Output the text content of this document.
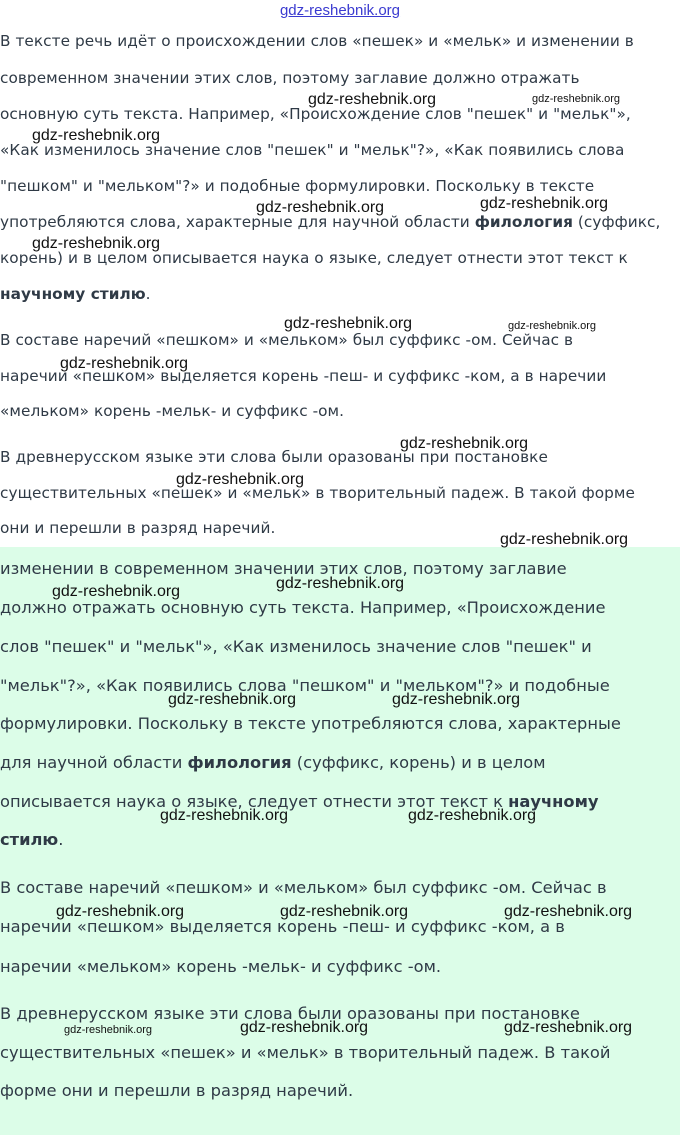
gdz-reshebnik.org
В тексте речь идёт о происхождении слов «пешек» и «мельк» и изменении в
современном значении этих слов, поэтому заглавие должно отражать
основную суть текста. Например, «Происхождение слов "пешек" и "мельк"»,
«Как изменилось значение слов "пешек" и "мельк"?», «Как появились слова
"пешком" и "мельком"?» и подобные формулировки. Поскольку в тексте
употребляются слова, характерные для научной области филология (суффикс,
корень) и в целом описывается наука о языке, следует отнести этот текст к
научному стилю.
В составе наречий «пешком» и «мельком» был суффикс -ом. Сейчас в
наречии «пешком» выделяется корень -пеш- и суффикс -ком, а в наречии
«мельком» корень -мельк- и суффикс -ом.
В древнерусском языке эти слова были оразованы при постановке
существительных «пешек» и «мельк» в творительный падеж. В такой форме
они и перешли в разряд наречий.
изменении в современном значении этих слов, поэтому заглавие
должно отражать основную суть текста. Например, «Происхождение
слов "пешек" и "мельк"», «Как изменилось значение слов "пешек" и
"мельк"?», «Как появились слова "пешком" и "мельком"?» и подобные
формулировки. Поскольку в тексте употребляются слова, характерные
для научной области филология (суффикс, корень) и в целом
описывается наука о языке, следует отнести этот текст к научному
стилю.
В составе наречий «пешком» и «мельком» был суффикс -ом. Сейчас в
наречии «пешком» выделяется корень -пеш- и суффикс -ком, а в
наречии «мельком» корень -мельк- и суффикс -ом.
В древнерусском языке эти слова были оразованы при постановке
существительных «пешек» и «мельк» в творительный падеж. В такой
форме они и перешли в разряд наречий.
gdz-reshebnik.org	gdz-reshebnik.org
gdz-reshebnik.org
gdz-reshebnik.org	gdz-reshebnik.org
gdz-reshebnik.org
gdz-reshebnik.org	gdz-reshebnik.org
gdz-reshebnik.org
gdz-reshebnik.org
gdz-reshebnik.org
gdz-reshebnik.org
gdz-reshebnik.org
gdz-reshebnik.org
gdz-reshebnik.org	gdz-reshebnik.org
gdz-reshebnik.org	gdz-reshebnik.org
gdz-reshebnik.org	gdz-reshebnik.org	gdz-reshebnik.org
gdz-reshebnik.org	gdz-reshebnik.org	gdz-reshebnik.org
